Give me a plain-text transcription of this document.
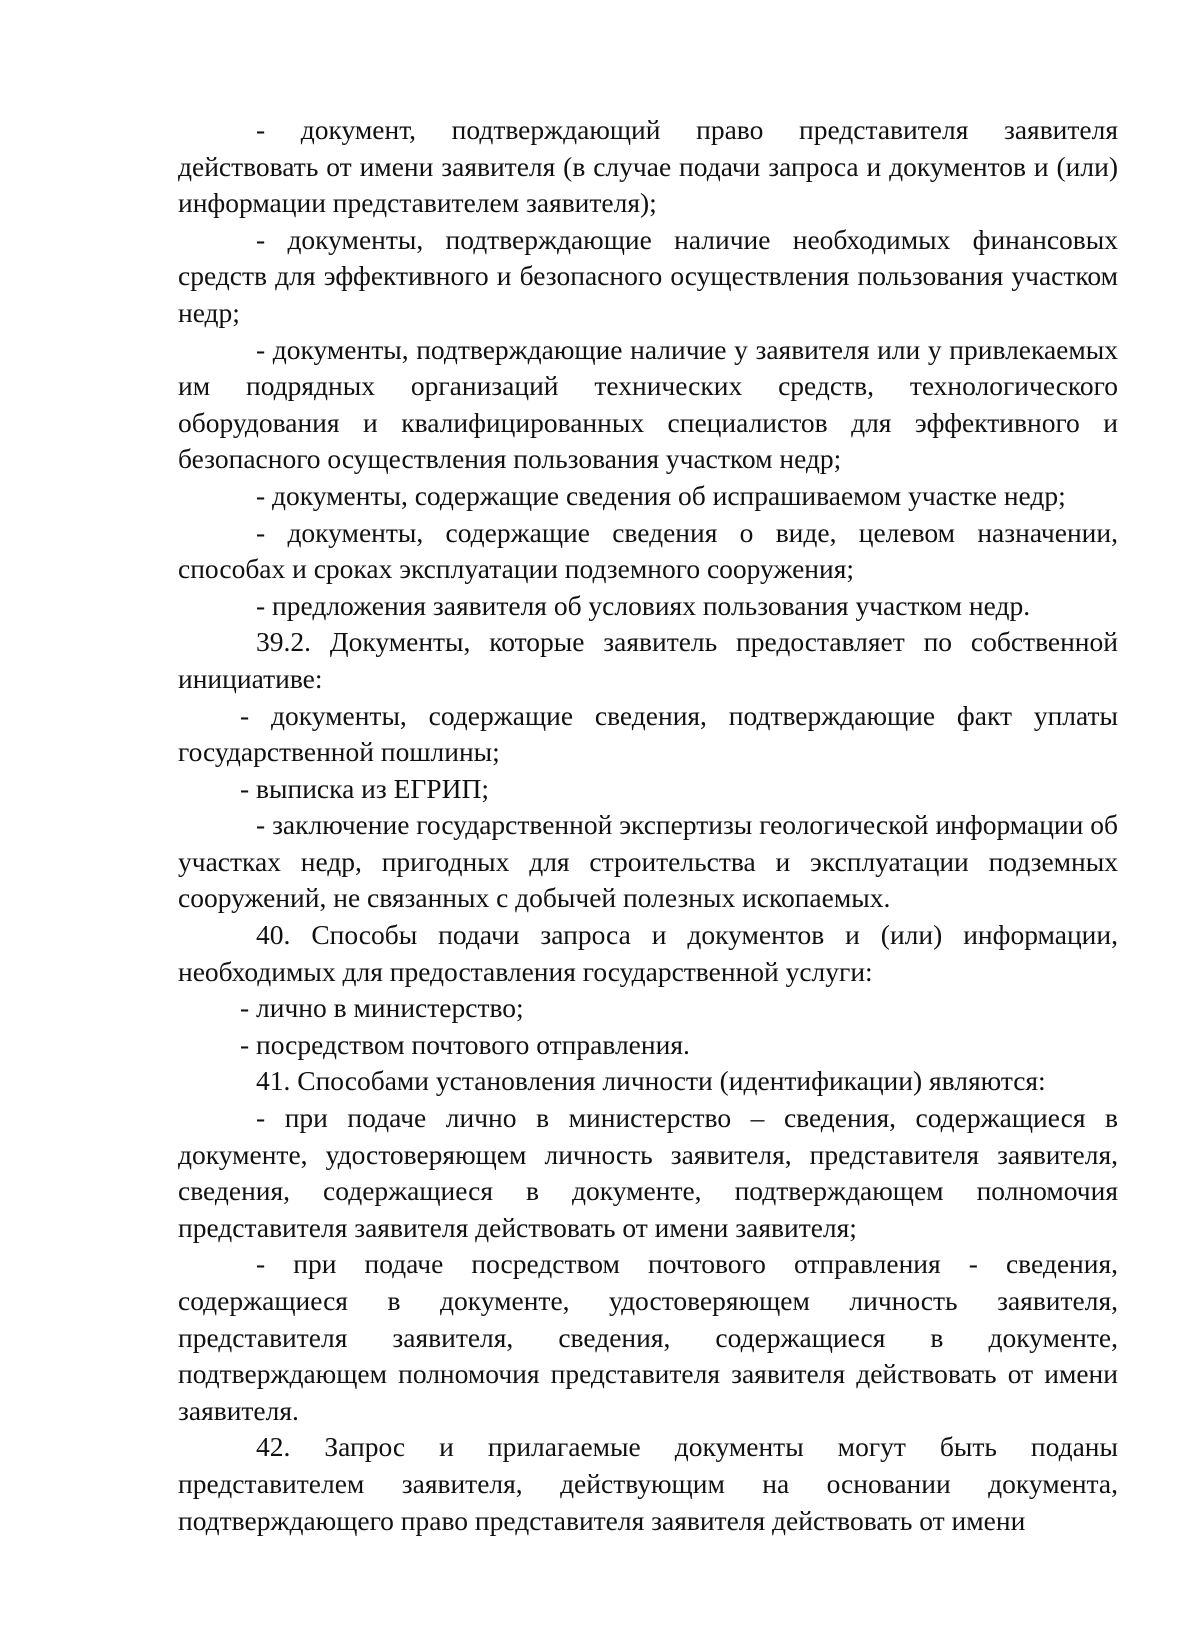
- документ, подтверждающий право представителя заявителя действовать от имени заявителя (в случае подачи запроса и документов и (или) информации представителем заявителя);

- документы, подтверждающие наличие необходимых финансовых средств для эффективного и безопасного осуществления пользования участком недр;

- документы, подтверждающие наличие у заявителя или у привлекаемых им подрядных организаций технических средств, технологического оборудования и квалифицированных специалистов для эффективного и безопасного осуществления пользования участком недр;

- документы, содержащие сведения об испрашиваемом участке недр;

- документы, содержащие сведения о виде, целевом назначении, способах и сроках эксплуатации подземного сооружения;

- предложения заявителя об условиях пользования участком недр.

39.2. Документы, которые заявитель предоставляет по собственной инициативе:

- документы, содержащие сведения, подтверждающие факт уплаты государственной пошлины;

- выписка из ЕГРИП;

- заключение государственной экспертизы геологической информации об участках недр, пригодных для строительства и эксплуатации подземных сооружений, не связанных с добычей полезных ископаемых.

40. Способы подачи запроса и документов и (или) информации, необходимых для предоставления государственной услуги:

- лично в министерство;

- посредством почтового отправления.

41. Способами установления личности (идентификации) являются:

- при подаче лично в министерство – сведения, содержащиеся в документе, удостоверяющем личность заявителя, представителя заявителя, сведения, содержащиеся в документе, подтверждающем полномочия представителя заявителя действовать от имени заявителя;

- при подаче посредством почтового отправления - сведения, содержащиеся в документе, удостоверяющем личность заявителя, представителя заявителя, сведения, содержащиеся в документе, подтверждающем полномочия представителя заявителя действовать от имени заявителя.

42. Запрос и прилагаемые документы могут быть поданы представителем заявителя, действующим на основании документа, подтверждающего право представителя заявителя действовать от имени
